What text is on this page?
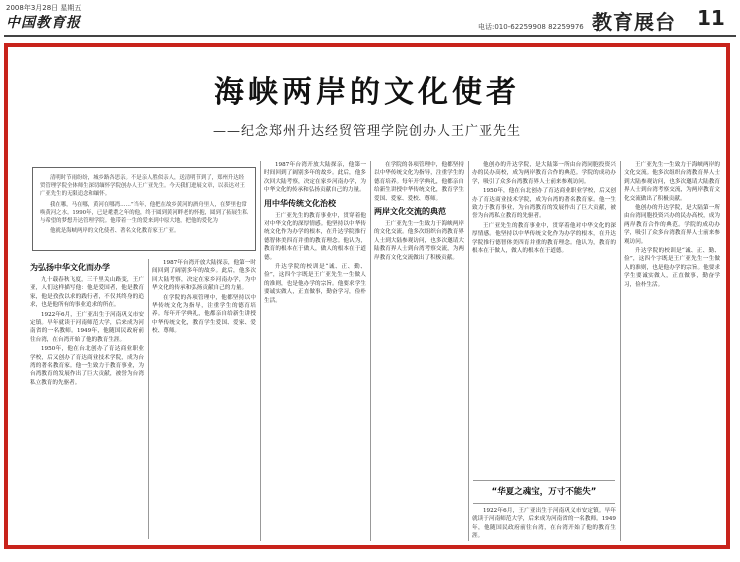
2008年3月28日 星期五
中国教育报	电话:010-62259908 82259976 教育展台 11
海峡两岸的文化使者
——纪念郑州升达经贸管理学院创办人王广亚先生

清明时节雨纷纷，城乡路各思亲。不是亲人胜似亲人，送清明节到了，郑州升达经贸管理学院全体师生深切缅怀学院创办人王广亚先生。今天我们进展文章，以表达对王广亚先生的无限追念和缅怀。

我在哪，马在哪，黄河在哪湾……”当年，他把在故乡黄河的酒舟里人，在梦里也常唤黄河之水。1990年，已是耄耋之年的他，终于圆到黄河畔老的怀抱，圆到了拓展生私与希望的梦想升达管理学院。他带着一生的爱来到中原大地，把他的爱化为

他就是海峡两岸的文化使者、著名文化教育家王广亚。

为弘扬中华文化而办学

九十载春秋飞度，三千里关山路变，王广亚，人们这样描写他：他是爱国者，他是教育家，他是孜孜以求的践行者，不仅其终身的追求，也是他所有的事业追求的所在。

1922年6月，王广亚出生于河南巩义市安定镇。早年就读于河南师范大学，后来成为河南省的一名教师。1949年，他随国民政府前往台湾，在台湾开始了他的教育生涯。

1950年，他在台北创办了育达商业职业学校，后又创办了育达商业技术学院，成为台湾的著名教育家。他一生致力于教育事业，为台湾教育的发展作出了巨大贡献，被誉为台湾私立教育的先驱者。

1987年台湾开放大陆探亲，他第一时间回到了阔别多年的故乡。此后，他多次回大陆考察，决定在家乡河南办学，为中华文化的传承和弘扬贡献自己的力量。

在学院的各项管理中，他都坚持以中华传统文化为指导，注重学生的德育培养。每年开学典礼，他都亲自给新生讲授中华传统文化，教育学生爱国、爱家、爱校、尊师。

1987年台湾开放大陆探亲，他第一时间回到了阔别多年的故乡。此后，他多次回大陆考察，决定在家乡河南办学，为中华文化的传承和弘扬贡献自己的力量。

用中华传统文化治校

王广亚先生的教育事业中，贯穿着他对中华文化的深厚情感。他坚持以中华传统文化作为办学的根本，在升达学院推行德智体美四育并重的教育理念。他认为，教育的根本在于做人，做人的根本在于道德。

升达学院的校训是“诚、正、勤、俭”，这四个字既是王广亚先生一生做人的准则，也是他办学的宗旨。他要求学生要诚实做人，正直做事，勤奋学习，俭朴生活。

在学院的各项管理中，他都坚持以中华传统文化为指导，注重学生的德育培养。每年开学典礼，他都亲自给新生讲授中华传统文化，教育学生爱国、爱家、爱校、尊师。

两岸文化交流的典范

王广亚先生一生致力于海峡两岸的文化交流。他多次组织台湾教育界人士到大陆参观访问，也多次邀请大陆教育界人士到台湾考察交流，为两岸教育文化交流做出了积极贡献。

他创办的升达学院，是大陆第一所由台湾同胞投资兴办的民办高校，成为两岸教育合作的典范。学院的成功办学，吸引了众多台湾教育界人士前来参观访问。

1950年，他在台北创办了育达商业职业学校，后又创办了育达商业技术学院，成为台湾的著名教育家。他一生致力于教育事业，为台湾教育的发展作出了巨大贡献，被誉为台湾私立教育的先驱者。

王广亚先生的教育事业中，贯穿着他对中华文化的深厚情感。他坚持以中华传统文化作为办学的根本，在升达学院推行德智体美四育并重的教育理念。他认为，教育的根本在于做人，做人的根本在于道德。

“华夏之魂宝，万寸不能失”

1922年6月，王广亚出生于河南巩义市安定镇。早年就读于河南师范大学，后来成为河南省的一名教师。1949年，他随国民政府前往台湾，在台湾开始了他的教育生涯。

王广亚先生一生致力于海峡两岸的文化交流。他多次组织台湾教育界人士到大陆参观访问，也多次邀请大陆教育界人士到台湾考察交流，为两岸教育文化交流做出了积极贡献。

他创办的升达学院，是大陆第一所由台湾同胞投资兴办的民办高校，成为两岸教育合作的典范。学院的成功办学，吸引了众多台湾教育界人士前来参观访问。

升达学院的校训是“诚、正、勤、俭”，这四个字既是王广亚先生一生做人的准则，也是他办学的宗旨。他要求学生要诚实做人，正直做事，勤奋学习，俭朴生活。
